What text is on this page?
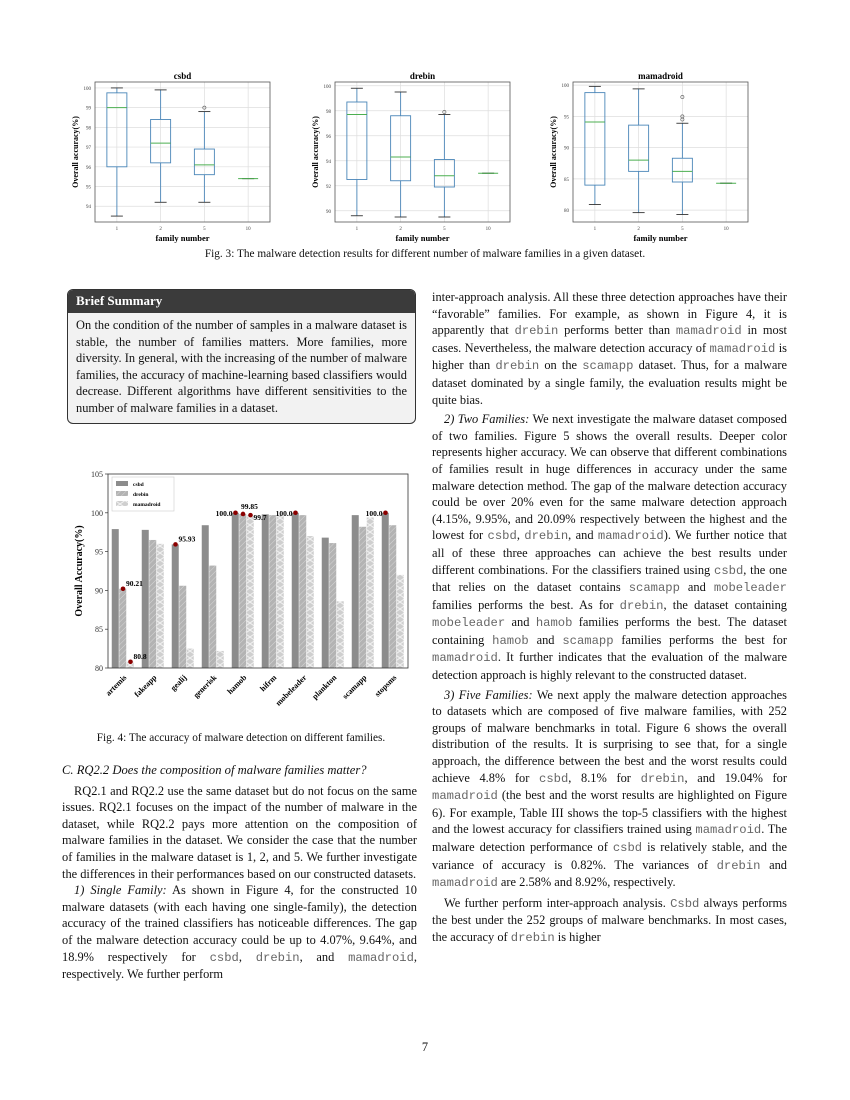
csbd
94
95
96
97
98
99
100
1	2	5	10
family number
Overall accuracy(%)
drebin
90
92
94
96
98
100
1	2	5	10
family number
Overall accuracy(%)
mamadroid
80
85
90
95
100
1	2	5	10
family number
Overall accuracy(%)
Fig. 3: The malware detection results for different number of malware families in a given dataset.
Brief Summary
On the condition of the number of samples in a malware dataset is stable, the number of families matters. More families, more diversity. In general, with the increasing of the number of malware families, the accuracy of machine-learning based classifiers would decrease. Different algorithms have different sensitivities to the number of malware families in a dataset.
80
85
90
95
100
105
artemis fakeapp gealij generisk hamob hifrm
mobeleader plankton scamapp stopsms
90.21
80.8
95.93
100.0
99.85
99.7 100.0	100.0
csbd
drebin
mamadroid
Overall Accuracy(%)
Fig. 4: The accuracy of malware detection on different families.
C. RQ2.2 Does the composition of malware families matter?

RQ2.1 and RQ2.2 use the same dataset but do not focus on the same issues. RQ2.1 focuses on the impact of the number of malware in the dataset, while RQ2.2 pays more attention on the composition of malware families in the dataset. We consider the case that the number of families in the malware dataset is 1, 2, and 5. We further investigate the differences in their performances based on our constructed datasets.

1) Single Family: As shown in Figure 4, for the constructed 10 malware datasets (with each having one single-family), the detection accuracy of the trained classifiers has noticeable differences. The gap of the malware detection accuracy could be up to 4.07%, 9.64%, and 18.9% respectively for csbd, drebin, and mamadroid, respectively. We further perform

inter-approach analysis. All these three detection approaches have their “favorable” families. For example, as shown in Figure 4, it is apparently that drebin performs better than mamadroid in most cases. Nevertheless, the malware detection accuracy of mamadroid is higher than drebin on the scamapp dataset. Thus, for a malware dataset dominated by a single family, the evaluation results might be quite bias.

2) Two Families: We next investigate the malware dataset composed of two families. Figure 5 shows the overall results. Deeper color represents higher accuracy. We can observe that different combinations of families result in huge differences in accuracy under the same malware detection method. The gap of the malware detection accuracy could be over 20% even for the same malware detection approach (4.15%, 9.95%, and 20.09% respectively between the highest and the lowest for csbd, drebin, and mamadroid). We further notice that all of these three approaches can achieve the best results under different combinations. For the classifiers trained using csbd, the one that relies on the dataset contains scamapp and mobeleader families performs the best. As for drebin, the dataset containing mobeleader and hamob families performs the best. The dataset containing hamob and scamapp families performs the best for mamadroid. It further indicates that the evaluation of the malware detection approach is highly relevant to the constructed dataset.

3) Five Families: We next apply the malware detection approaches to datasets which are composed of five malware families, with 252 groups of malware benchmarks in total. Figure 6 shows the overall distribution of the results. It is surprising to see that, for a single approach, the difference between the best and the worst results could achieve 4.8% for csbd, 8.1% for drebin, and 19.04% for mamadroid (the best and the worst results are highlighted on Figure 6). For example, Table III shows the top-5 classifiers with the highest and the lowest accuracy for classifiers trained using mamadroid. The malware detection performance of csbd is relatively stable, and the variance of accuracy is 0.82%. The variances of drebin and mamadroid are 2.58% and 8.92%, respectively.

We further perform inter-approach analysis. Csbd always performs the best under the 252 groups of malware benchmarks. In most cases, the accuracy of drebin is higher

7
